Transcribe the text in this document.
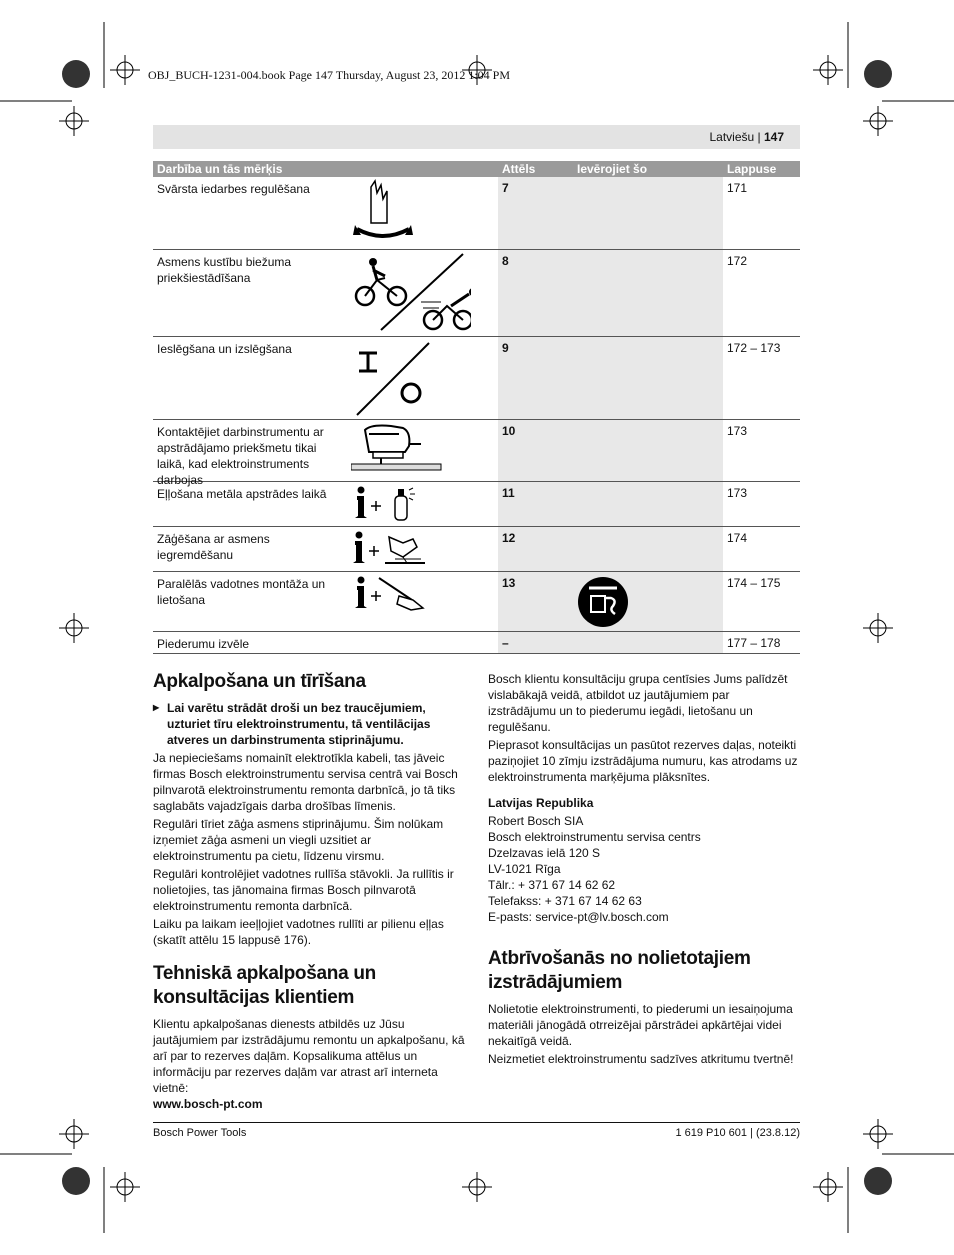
OBJ_BUCH-1231-004.book Page 147 Thursday, August 23, 2012 1:04 PM
Latviešu | 147
Darbība un tās mērķis	Attēls	Ievērojiet šo	Lappuse

Svārsta iedarbes regulēšana	7		171

Asmens kustību biežuma priekšiestādīšana	8		172

Ieslēgšana un izslēgšana	9		172 – 173

Kontaktējiet darbinstrumentu ar apstrādājamo priekšmetu tikai laikā, kad elektroinstruments darbojas	10		173

Eļļošana metāla apstrādes laikā	11		173

Zāģēšana ar asmens iegremdēšanu	12		174

Paralēlās vadotnes montāža un lietošana	13		174 – 175

Piederumu izvēle	–		177 – 178
Apkalpošana un tīrīšana

▶ Lai varētu strādāt droši un bez traucējumiem, uzturiet tīru elektroinstrumentu, tā ventilācijas atveres un darbinstrumenta stiprinājumu.

Ja nepieciešams nomainīt elektrotīkla kabeli, tas jāveic firmas Bosch elektroinstrumentu servisa centrā vai Bosch pilnvarotā elektroinstrumentu remonta darbnīcā, jo tā tiks saglabāts vajadzīgais darba drošības līmenis.

Regulāri tīriet zāģa asmens stiprinājumu. Šim nolūkam izņemiet zāģa asmeni un viegli uzsitiet ar elektroinstrumentu pa cietu, līdzenu virsmu.

Regulāri kontrolējiet vadotnes rullīša stāvokli. Ja rullītis ir nolietojies, tas jānomaina firmas Bosch pilnvarotā elektroinstrumentu remonta darbnīcā.

Laiku pa laikam ieeļļojiet vadotnes rullīti ar pilienu eļļas (skatīt attēlu 15 lappusē 176).

Tehniskā apkalpošana un konsultācijas klientiem

Klientu apkalpošanas dienests atbildēs uz Jūsu jautājumiem par izstrādājumu remontu un apkalpošanu, kā arī par to rezerves daļām. Kopsalikuma attēlus un informāciju par rezerves daļām var atrast arī interneta vietnē:

www.bosch-pt.com

Bosch klientu konsultāciju grupa centīsies Jums palīdzēt vislabākajā veidā, atbildot uz jautājumiem par izstrādājumu un to piederumu iegādi, lietošanu un regulēšanu.

Pieprasot konsultācijas un pasūtot rezerves daļas, noteikti paziņojiet 10 zīmju izstrādājuma numuru, kas atrodams uz elektroinstrumenta marķējuma plāksnītes.

Latvijas Republika

Robert Bosch SIA
Bosch elektroinstrumentu servisa centrs
Dzelzavas ielā 120 S
LV-1021 Rīga
Tālr.: + 371 67 14 62 62
Telefakss: + 371 67 14 62 63
E-pasts: service-pt@lv.bosch.com
Atbrīvošanās no nolietotajiem izstrādājumiem

Nolietotie elektroinstrumenti, to piederumi un iesaiņojuma materiāli jānogādā otrreizējai pārstrādei apkārtējai videi nekaitīgā veidā.

Neizmetiet elektroinstrumentu sadzīves atkritumu tvertnē!

Bosch Power Tools	1 619 P10 601 | (23.8.12)
